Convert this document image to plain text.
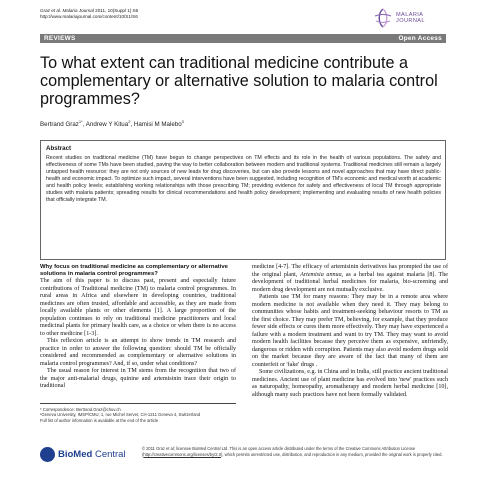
Graz et al. Malaria Journal 2011, 10(Suppl 1):S6
http://www.malariajournal.com/content/10/S1/S6	MALARIA
JOURNAL
REVIEWS	Open Access
To what extent can traditional medicine contribute a complementary or alternative solution to malaria control programmes?
Bertrand Graz$^{1*}$, Andrew Y Kitua$^2$, Hamisi M Malebo$^3$
Abstract
Recent studies on traditional medicine (TM) have begun to change perspectives on TM effects and its role in the health of various populations. The safety and effectiveness of some TMs have been studied, paving the way to better collaboration between modern and traditional systems. Traditional medicines still remain a largely untapped health resource: they are not only sources of new leads for drug discoveries, but can also provide lessons and novel approaches that may have direct public-health and economic impact. To optimize such impact, several interventions have been suggested, including recognition of TM's economic and medical worth at academic and health policy levels; establishing working relationships with those prescribing TM; providing evidence for safety and effectiveness of local TM through appropriate studies with malaria patients; spreading results for clinical recommendations and health policy development; implementing and evaluating results of new health policies that officially integrate TM.

Why focus on traditional medicine as complementary or alternative solutions in malaria control programmes?

The aim of this paper is to discuss past, present and especially future contributions of Traditional medicine (TM) to malaria control programmes. In rural areas in Africa and elsewhere in developing countries, traditional medicines are often trusted, affordable and accessible, as they are made from locally available plants or other elements [1]. A large proportion of the population continues to rely on traditional medicine practitioners and local medicinal plants for primary health care, as a choice or when there is no access to other medicine [1-3].

This reflexion article is an attempt to show trends in TM research and practice in order to answer the following question: should TM be officially considered and recommended as complementary or alternative solutions in malaria control programmes? And, if so, under what conditions?

The usual reason for interest in TM stems from the recognition that two of the major anti-malarial drugs, quinine and artemisinin trace their origin to traditional

medicine [4-7]. The efficacy of artemisinin derivatives has prompted the use of the original plant, Artemisia annua, as a herbal tea against malaria [8]. The development of traditional herbal medicines for malaria, bio-screening and modern drug development are not mutually exclusive.

Patients use TM for many reasons: They may be in a remote area where modern medicine is not available when they need it. They may belong to communities whose habits and treatment-seeking behaviour resorts to TM as the first choice. They may prefer TM, believing, for example, that they produce fewer side effects or cures them more effectively. They may have experienced a failure with a modern treatment and want to try TM. They may want to avoid modern health facilities because they perceive them as expensive, unfriendly, dangerous or ridden with corruption. Patients may also avoid modern drugs sold on the market because they are aware of the fact that many of them are counterfeit or 'fake' drugs .

Some civilizations, e.g. in China and in India, still practice ancient traditional medicines. Ancient use of plant medicine has evolved into 'new' practices such as naturopathy, homeopathy, aromatherapy and modern herbal medicine [10], although many such practices have not been formally validated.

* Correspondence: Bertrand.Graz@chuv.ch
¹Geneva University, IMSP/CMU, 1, rue Michel Servet, CH-1211 Geneva 4, Switzerland
Full list of author information is available at the end of the article
BioMed Central
© 2011 Graz et al; licensee BioMed Central Ltd. This is an open access article distributed under the terms of the Creative Commons Attribution License (http://creativecommons.org/licenses/by/2.0), which permits unrestricted use, distribution, and reproduction in any medium, provided the original work is properly cited.
